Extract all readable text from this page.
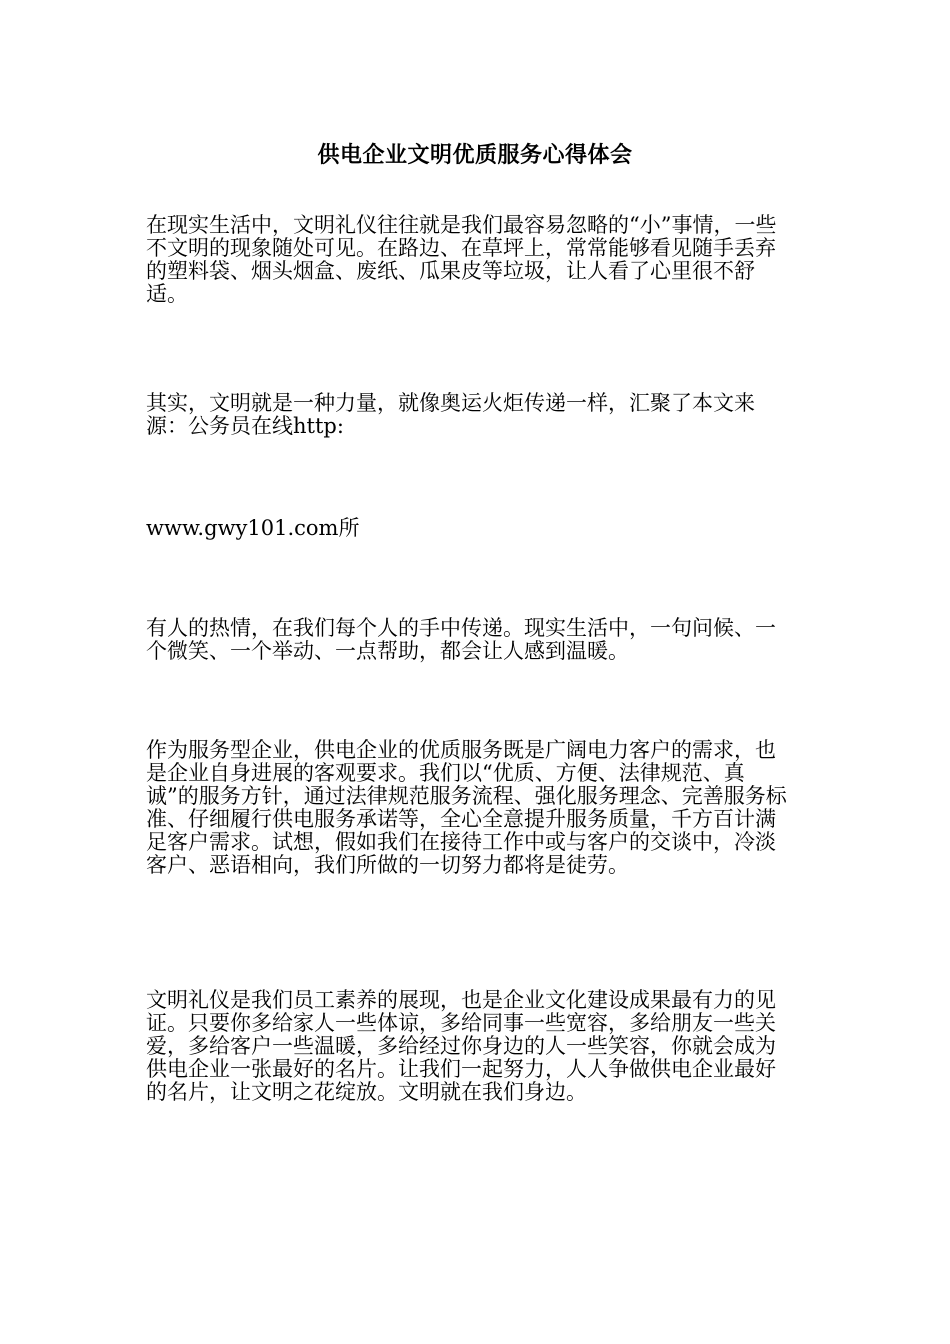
供电企业文明优质服务心得体会

在现实生活中，文明礼仪往往就是我们最容易忽略的“小”事情，一些不文明的现象随处可见。在路边、在草坪上，常常能够看见随手丢弃的塑料袋、烟头烟盒、废纸、瓜果皮等垃圾，让人看了心里很不舒适。

其实，文明就是一种力量，就像奥运火炬传递一样，汇聚了本文来源：公务员在线http:

www.gwy101.com所

有人的热情，在我们每个人的手中传递。现实生活中，一句问候、一个微笑、一个举动、一点帮助，都会让人感到温暖。

作为服务型企业，供电企业的优质服务既是广阔电力客户的需求，也是企业自身进展的客观要求。我们以“优质、方便、法律规范、真诚”的服务方针，通过法律规范服务流程、强化服务理念、完善服务标准、仔细履行供电服务承诺等，全心全意提升服务质量，千方百计满足客户需求。试想，假如我们在接待工作中或与客户的交谈中，冷淡客户、恶语相向，我们所做的一切努力都将是徒劳。

文明礼仪是我们员工素养的展现，也是企业文化建设成果最有力的见证。只要你多给家人一些体谅，多给同事一些宽容，多给朋友一些关爱，多给客户一些温暖，多给经过你身边的人一些笑容，你就会成为供电企业一张最好的名片。让我们一起努力，人人争做供电企业最好的名片，让文明之花绽放。文明就在我们身边。
